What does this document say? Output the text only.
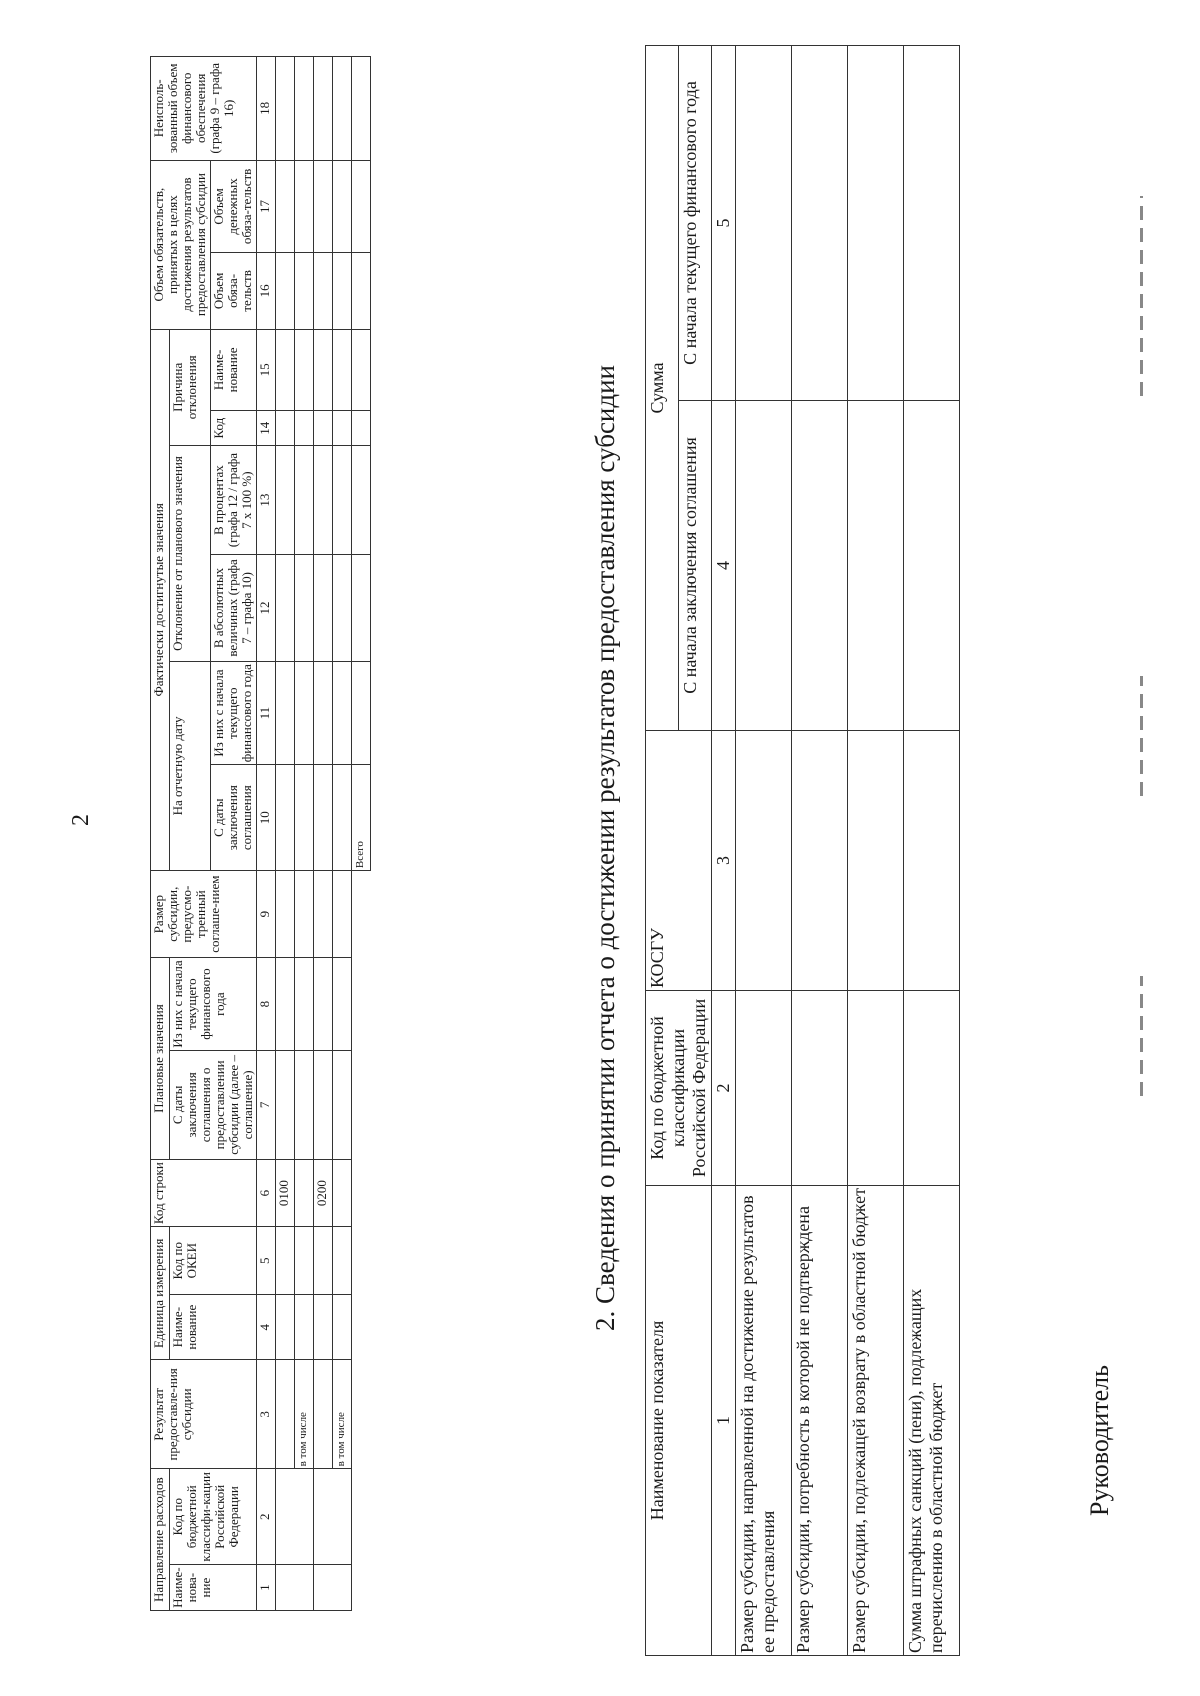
2
Направление расходов		Результат предоставле-ния субсидии	Единица измерения		Код строки	Плановые значения		Размер субсидии, предусмо-тренный соглаше-нием	Фактически достигнутые значения						Объем обязательств, принятых в целях достижения результатов предоставления субсидии		Неисполь-зованный объем финансового обеспечения (графа 9 – графа 16)
Наиме-нова-ние	Код по бюджетной классифи-кации Российской Федерации		Наиме-нование	Код по ОКЕИ		С даты заключения соглашения о предоставлении субсидии (далее – соглашение)	Из них с начала текущего финансового года		На отчетную дату		Отклонение от планового значения		Причина отклонения				
									С даты заключения соглашения	Из них с начала текущего финансового года	В абсолютных величинах (графа 7 – графа 10)	В процентах (графа 12 / графа 7 х 100 %)	Код	Наиме-нование	Объем обяза-тельств	Объем денежных обяза-тельств	
1	2	3	4	5	6	7	8	9	10	11	12	13	14	15	16	17	18
					0100												
		в том числе															
					0200												
		в том числе															
									Всего									2. Сведения о принятии отчета о достижении результатов предоставления субсидии
Наименование показателя	Код по бюджетной классификации Российской Федерации	КОСГУ	Сумма	
			С начала заключения соглашения	С начала текущего финансового года
1	2	3	4	5
Размер субсидии, направленной на достижение результатов ее предоставления				
Размер субсидии, потребность в которой не подтверждена				
Размер субсидии, подлежащей возврату в областной бюджет				
Сумма штрафных санкций (пени), подлежащих перечислению в областной бюджет					Руководитель
